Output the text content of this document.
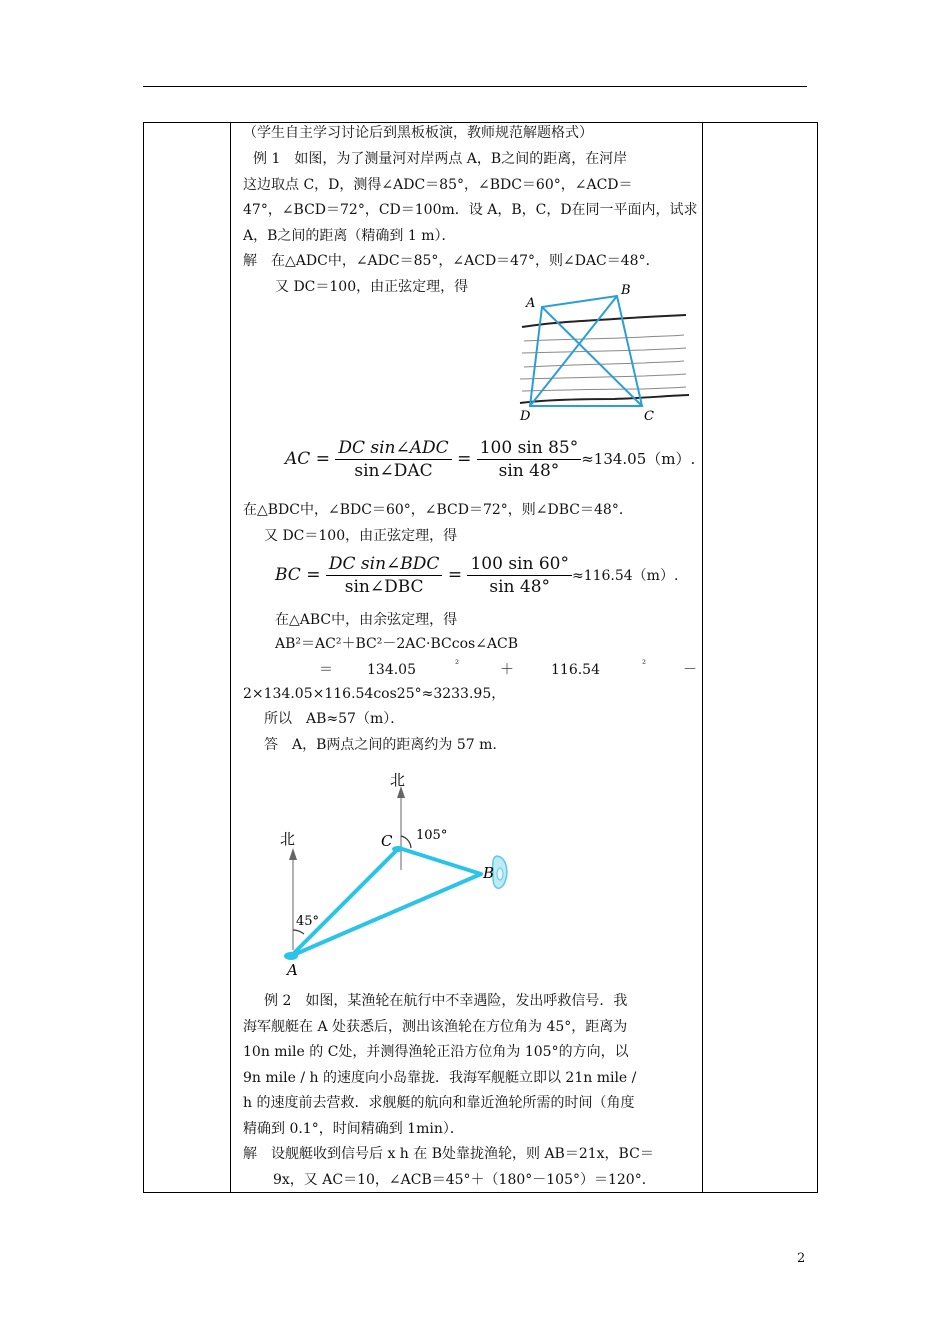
（学生自主学习讨论后到黑板板演，教师规范解题格式）
例 1　如图，为了测量河对岸两点 A，B之间的距离，在河岸
这边取点 C，D，测得∠ADC＝85°，∠BDC＝60°，∠ACD＝
47°，∠BCD＝72°，CD＝100m．设 A，B，C，D在同一平面内，试求
A，B之间的距离（精确到 1 m）．
解　在△ADC中，∠ADC＝85°，∠ACD＝47°，则∠DAC＝48°．
又 DC＝100，由正弦定理，得
A
B
C
D
AC = $\frac{\text{DC sin∠ADC}}{\text{sin∠DAC}} = \frac{100 \sin 85^\circ}{\sin 48^\circ} \approx 134.05(m)$.
在△BDC中，∠BDC＝60°，∠BCD＝72°，则∠DBC＝48°．
又 DC＝100，由正弦定理，得
BC = $\frac{\text{DC sin∠BDC}}{\text{sin∠DBC}} = \frac{100 \sin 60^\circ}{\sin 48^\circ} \approx 116.54(m)$.
在△ABC中，由余弦定理，得
AB²＝AC²＋BC²－2AC·BCcos∠ACB
＝ 134.05	²	＋	116.54	²	－
2×134.05×116.54cos25°≈3233.95，
所以　AB≈57（m）．
答　A，B两点之间的距离约为 57 m.
北
北	105°
45°
C
B
A
例 2　如图，某渔轮在航行中不幸遇险，发出呼救信号．我
海军舰艇在 A 处获悉后，测出该渔轮在方位角为 45°，距离为
10n mile 的 C处，并测得渔轮正沿方位角为 105°的方向，以
9n mile / h 的速度向小岛靠拢．我海军舰艇立即以 21n mile /
h 的速度前去营救．求舰艇的航向和靠近渔轮所需的时间（角度
精确到 0.1°，时间精确到 1min）．
解　设舰艇收到信号后 x h 在 B处靠拢渔轮，则 AB＝21x，BC＝
9x，又 AC＝10，∠ACB＝45°＋（180°－105°）＝120°．
2
